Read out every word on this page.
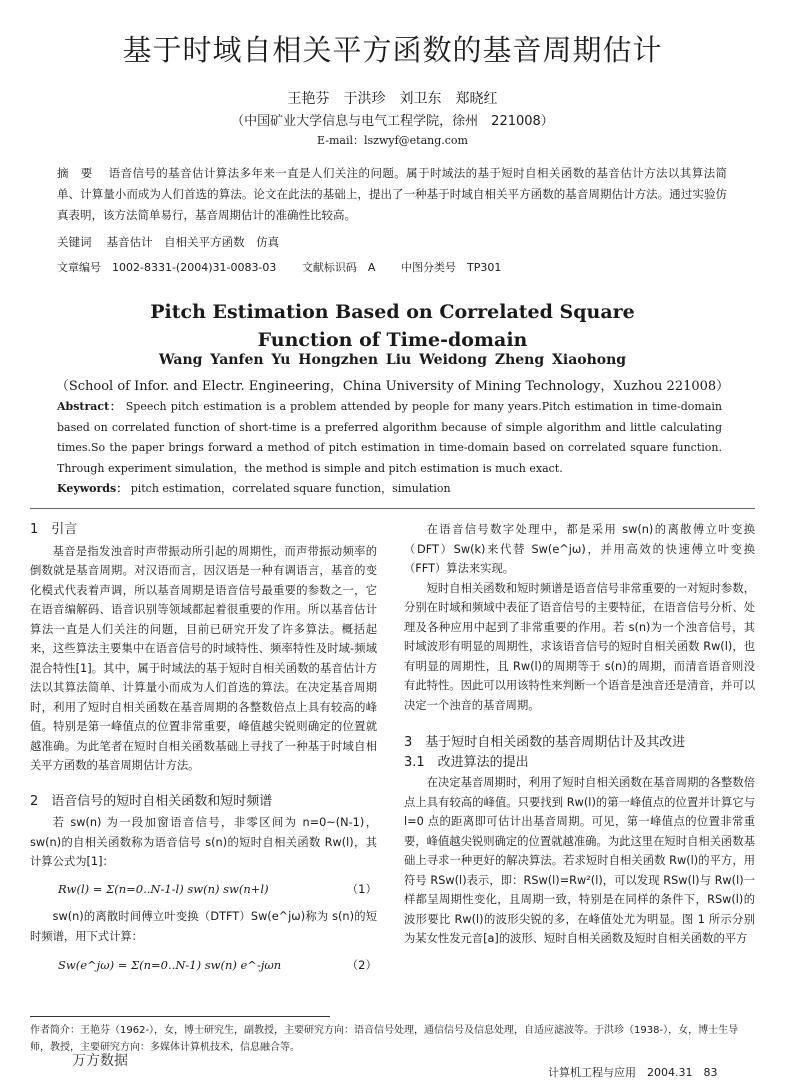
基于时域自相关平方函数的基音周期估计
王艳芬　于洪珍　刘卫东　郑晓红
（中国矿业大学信息与电气工程学院，徐州　221008）
E-mail：lszwyf@etang.com
摘　要　 语音信号的基音估计算法多年来一直是人们关注的问题。属于时域法的基于短时自相关函数的基音估计方法以其算法简单、计算量小而成为人们首选的算法。论文在此法的基础上，提出了一种基于时域自相关平方函数的基音周期估计方法。通过实验仿真表明，该方法简单易行，基音周期估计的准确性比较高。
关键词　 基音估计　自相关平方函数　仿真
文章编号　1002-8331-(2004)31-0083-03 文献标识码　A 中图分类号　TP301
Pitch Estimation Based on Correlated Square
Function of Time-domain
Wang Yanfen Yu Hongzhen Liu Weidong Zheng Xiaohong
（School of Infor. and Electr. Engineering，China University of Mining Technology，Xuzhou 221008）
Abstract： Speech pitch estimation is a problem attended by people for many years.Pitch estimation in time-domain based on correlated function of short-time is a preferred algorithm because of simple algorithm and little calculating times.So the paper brings forward a method of pitch estimation in time-domain based on correlated square function. Through experiment simulation，the method is simple and pitch estimation is much exact.
Keywords： pitch estimation，correlated square function，simulation
1　引言

基音是指发浊音时声带振动所引起的周期性，而声带振动频率的倒数就是基音周期。对汉语而言，因汉语是一种有调语言，基音的变化模式代表着声调，所以基音周期是语音信号最重要的参数之一，它在语音编解码、语音识别等领域都起着很重要的作用。所以基音估计算法一直是人们关注的问题，目前已研究开发了许多算法。概括起来，这些算法主要集中在语音信号的时域特性、频率特性及时域-频域混合特性[1]。其中，属于时域法的基于短时自相关函数的基音估计方法以其算法简单、计算量小而成为人们首选的算法。在决定基音周期时，利用了短时自相关函数在基音周期的各整数倍点上具有较高的峰值。特别是第一峰值点的位置非常重要，峰值越尖锐则确定的位置就越准确。为此笔者在短时自相关函数基础上寻找了一种基于时域自相关平方函数的基音周期估计方法。

2　语音信号的短时自相关函数和短时频谱

若 sw(n) 为一段加窗语音信号，非零区间为 n=0~(N-1)，sw(n)的自相关函数称为语音信号 s(n)的短时自相关函数 Rw(l)，其计算公式为[1]：

Rw(l) = Σ(n=0..N-1-l) sw(n) sw(n+l)	（1）

sw(n)的离散时间傅立叶变换（DTFT）Sw(e^jω)称为 s(n)的短时频谱，用下式计算：

Sw(e^jω) = Σ(n=0..N-1) sw(n) e^-jωn	（2）

在语音信号数字处理中，都是采用 sw(n)的离散傅立叶变换（DFT）Sw(k)来代替 Sw(e^jω)，并用高效的快速傅立叶变换（FFT）算法来实现。

短时自相关函数和短时频谱是语音信号非常重要的一对短时参数，分别在时域和频域中表征了语音信号的主要特征，在语音信号分析、处理及各种应用中起到了非常重要的作用。若 s(n)为一个浊音信号，其时域波形有明显的周期性，求该语音信号的短时自相关函数 Rw(l)，也有明显的周期性，且 Rw(l)的周期等于 s(n)的周期，而清音语音则没有此特性。因此可以用该特性来判断一个语音是浊音还是清音，并可以决定一个浊音的基音周期。

3　基于短时自相关函数的基音周期估计及其改进
3.1　改进算法的提出

在决定基音周期时，利用了短时自相关函数在基音周期的各整数倍点上具有较高的峰值。只要找到 Rw(l)的第一峰值点的位置并计算它与 l=0 点的距离即可估计出基音周期。可见，第一峰值点的位置非常重要，峰值越尖锐则确定的位置就越准确。为此这里在短时自相关函数基础上寻求一种更好的解决算法。若求短时自相关函数 Rw(l)的平方，用符号 RSw(l)表示，即：RSw(l)=Rw²(l)，可以发现 RSw(l)与 Rw(l)一样都呈周期性变化，且周期一致，特别是在同样的条件下，RSw(l)的波形要比 Rw(l)的波形尖锐的多，在峰值处尤为明显。图 1 所示分别为某女性发元音[a]的波形、短时自相关函数及短时自相关函数的平方

作者简介：王艳芬（1962-），女，博士研究生，副教授，主要研究方向：语音信号处理，通信信号及信息处理，自适应滤波等。于洪珍（1938-），女，博士生导师，教授，主要研究方向：多媒体计算机技术，信息融合等。
万方数据
计算机工程与应用　2004.31　83
